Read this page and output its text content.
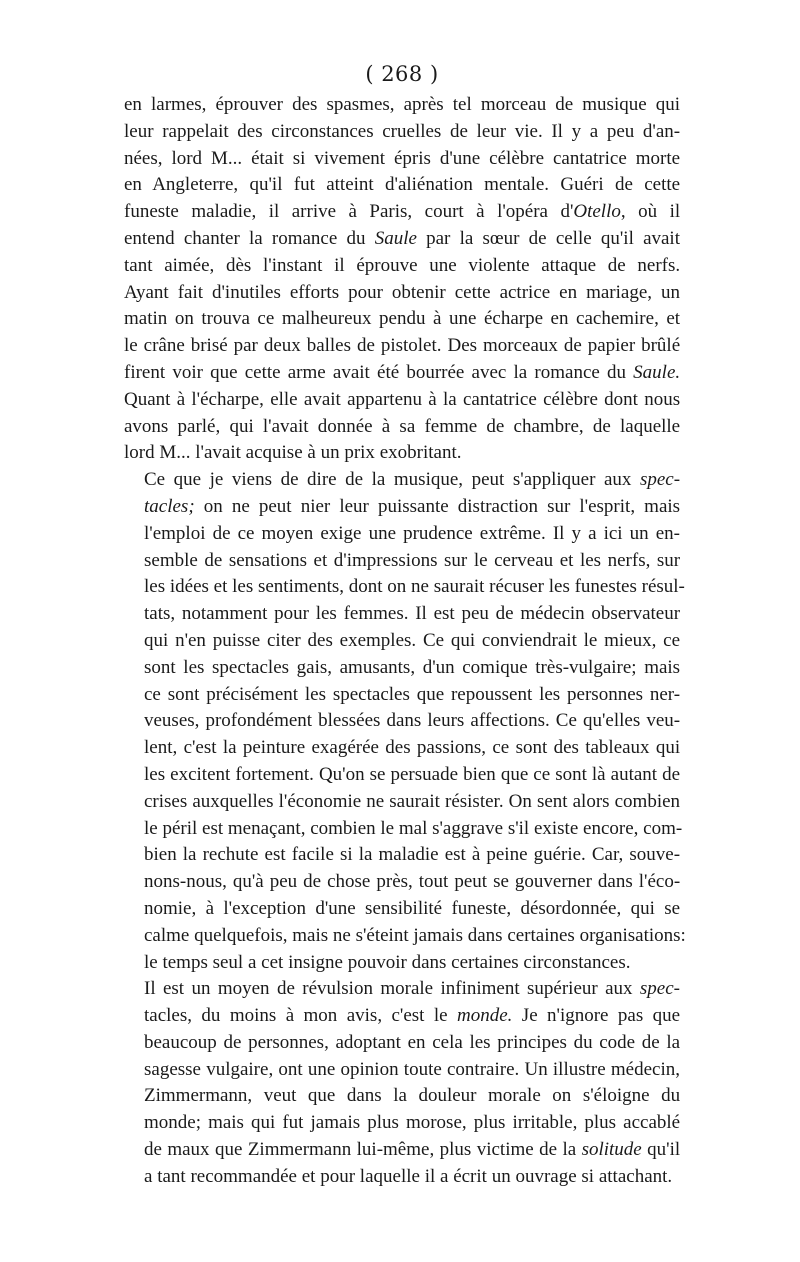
( 268 )

en larmes, éprouver des spasmes, après tel morceau de musique qui
leur rappelait des circonstances cruelles de leur vie. Il y a peu d'an-
nées, lord M... était si vivement épris d'une célèbre cantatrice morte
en Angleterre, qu'il fut atteint d'aliénation mentale. Guéri de cette
funeste maladie, il arrive à Paris, court à l'opéra d'Otello, où il
entend chanter la romance du Saule par la sœur de celle qu'il avait
tant aimée, dès l'instant il éprouve une violente attaque de nerfs.
Ayant fait d'inutiles efforts pour obtenir cette actrice en mariage, un
matin on trouva ce malheureux pendu à une écharpe en cachemire, et
le crâne brisé par deux balles de pistolet. Des morceaux de papier brûlé
firent voir que cette arme avait été bourrée avec la romance du Saule.
Quant à l'écharpe, elle avait appartenu à la cantatrice célèbre dont nous
avons parlé, qui l'avait donnée à sa femme de chambre, de laquelle
lord M... l'avait acquise à un prix exobritant.

Ce que je viens de dire de la musique, peut s'appliquer aux spec-
tacles; on ne peut nier leur puissante distraction sur l'esprit, mais
l'emploi de ce moyen exige une prudence extrême. Il y a ici un en-
semble de sensations et d'impressions sur le cerveau et les nerfs, sur
les idées et les sentiments, dont on ne saurait récuser les funestes résul-
tats, notamment pour les femmes. Il est peu de médecin observateur
qui n'en puisse citer des exemples. Ce qui conviendrait le mieux, ce
sont les spectacles gais, amusants, d'un comique très-vulgaire; mais
ce sont précisément les spectacles que repoussent les personnes ner-
veuses, profondément blessées dans leurs affections. Ce qu'elles veu-
lent, c'est la peinture exagérée des passions, ce sont des tableaux qui
les excitent fortement. Qu'on se persuade bien que ce sont là autant de
crises auxquelles l'économie ne saurait résister. On sent alors combien
le péril est menaçant, combien le mal s'aggrave s'il existe encore, com-
bien la rechute est facile si la maladie est à peine guérie. Car, souve-
nons-nous, qu'à peu de chose près, tout peut se gouverner dans l'éco-
nomie, à l'exception d'une sensibilité funeste, désordonnée, qui se
calme quelquefois, mais ne s'éteint jamais dans certaines organisations:
le temps seul a cet insigne pouvoir dans certaines circonstances.

Il est un moyen de révulsion morale infiniment supérieur aux spec-
tacles, du moins à mon avis, c'est le monde. Je n'ignore pas que
beaucoup de personnes, adoptant en cela les principes du code de la
sagesse vulgaire, ont une opinion toute contraire. Un illustre médecin,
Zimmermann, veut que dans la douleur morale on s'éloigne du
monde; mais qui fut jamais plus morose, plus irritable, plus accablé
de maux que Zimmermann lui-même, plus victime de la solitude qu'il
a tant recommandée et pour laquelle il a écrit un ouvrage si attachant.
